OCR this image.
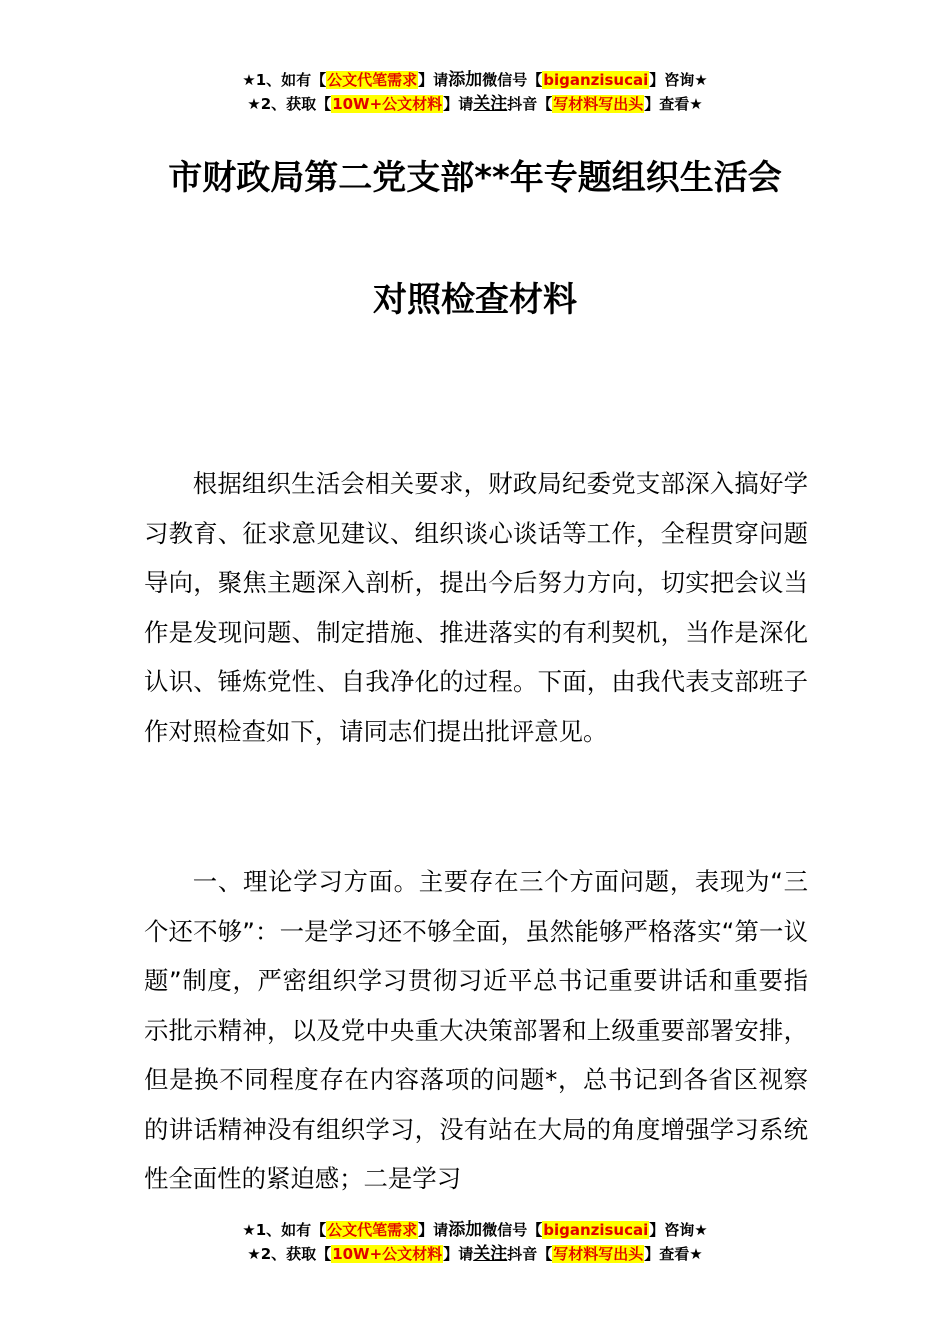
★1、如有【公文代笔需求】请添加微信号【biganzisucai】咨询★
★2、获取【10W+公文材料】请关注抖音【写材料写出头】查看★
市财政局第二党支部**年专题组织生活会
对照检查材料

根据组织生活会相关要求，财政局纪委党支部深入搞好学习教育、征求意见建议、组织谈心谈话等工作，全程贯穿问题导向，聚焦主题深入剖析，提出今后努力方向，切实把会议当作是发现问题、制定措施、推进落实的有利契机，当作是深化认识、锤炼党性、自我净化的过程。下面，由我代表支部班子作对照检查如下，请同志们提出批评意见。

一、理论学习方面。主要存在三个方面问题，表现为“三个还不够”：一是学习还不够全面，虽然能够严格落实“第一议题”制度，严密组织学习贯彻习近平总书记重要讲话和重要指示批示精神，以及党中央重大决策部署和上级重要部署安排，但是换不同程度存在内容落项的问题*，总书记到各省区视察的讲话精神没有组织学习，没有站在大局的角度增强学习系统性全面性的紧迫感；二是学习

★1、如有【公文代笔需求】请添加微信号【biganzisucai】咨询★
★2、获取【10W+公文材料】请关注抖音【写材料写出头】查看★
